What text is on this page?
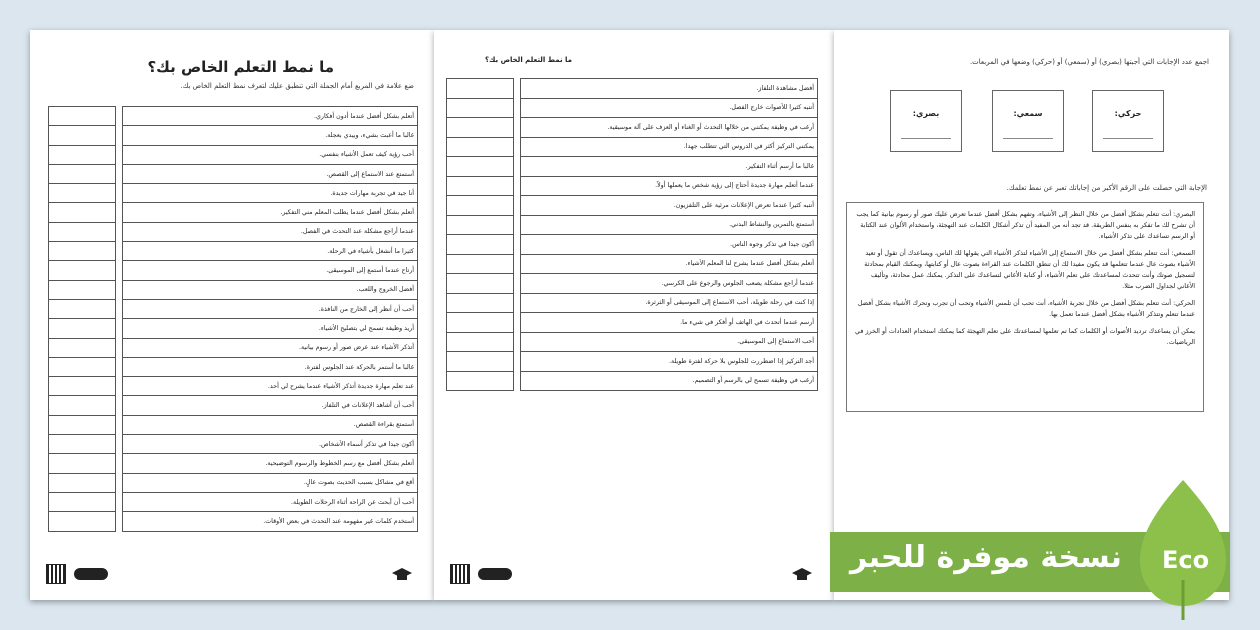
ما نمط التعلم الخاص بك؟
ضع علامة في المربع أمام الجملة التي تنطبق عليك لتعرف نمط التعلم الخاص بك.
		أتعلم بشكل أفضل عندما أدون أفكاري.
		غالبا ما أعبث بشيء، وبيدي بعجلة.
		أحب رؤية كيف تعمل الأشياء بنفسي.
		أستمتع عند الاستماع إلى القصص.
		أنا جيد في تجربة مهارات جديدة.
		أتعلم بشكل أفضل عندما يطلب المعلم مني التفكير.
		عندما أراجع مشكلة عند التحدث في الفصل.
		كثيرا ما أنشغل بأشياء في الرحلة.
		أرتاح عندما أستمع إلى الموسيقى.
		أفضل الخروج واللعب.
		أحب أن أنظر إلى الخارج من النافذة.
		أريد وظيفة تسمح لي بتصليح الأشياء.
		أتذكر الأشياء عند عرض صور أو رسوم بيانية.
		غالبا ما أستمر بالحركة عند الجلوس لفترة.
		عند تعلم مهارة جديدة أتذكر الأشياء عندما يشرح لي أحد.
		أحب أن أشاهد الإعلانات في التلفاز.
		أستمتع بقراءة القصص.
		أكون جيدا في تذكر أسماء الأشخاص.
		أتعلم بشكل أفضل مع رسم الخطوط والرسوم التوضيحية.
		أقع في مشاكل بسبب الحديث بصوت عالٍ.
		أحب أن أبحث عن الراحة أثناء الرحلات الطويلة.
		أستخدم كلمات غير مفهومة عند التحدث في بعض الأوقات.
ما نمط التعلم الخاص بك؟
		أفضل مشاهدة التلفاز.
		أنتبه كثيرا للأصوات خارج الفصل.
		أرغب في وظيفة يمكنني من خلالها التحدث أو الغناء أو العزف على آلة موسيقية.
		يمكنني التركيز أكثر في الدروس التي تتطلب جهدا.
		غالبا ما أرسم أثناء التفكير.
		عندما أتعلم مهارة جديدة أحتاج إلى رؤية شخص ما يعملها أولاً.
		أنتبه كثيرا عندما تعرض الإعلانات مرئية على التلفزيون.
		أستمتع بالتمرين والنشاط البدني.
		أكون جيدا في تذكر وجوه الناس.
		أتعلم بشكل أفضل عندما يشرح لنا المعلم الأشياء.
		عندما أراجع مشكلة يصعب الجلوس والرجوع على الكرسي.
		إذا كنت في رحلة طويلة، أحب الاستماع إلى الموسيقى أو الثرثرة.
		أرسم عندما أتحدث في الهاتف أو أفكر في شيء ما.
		أحب الاستماع إلى الموسيقى.
		أجد التركيز إذا اضطررت للجلوس بلا حركة لفترة طويلة.
		أرغب في وظيفة تسمح لي بالرسم أو التصميم.
اجمع عدد الإجابات التي أجبتها (بصري) أو (سمعي) أو (حركي) وضعها في المربعات.
حركي:
سمعي:
بصري:
الإجابة التي حصلت على الرقم الأكبر من إجاباتك تعبر عن نمط تعلمك.

البصري: أنت تتعلم بشكل أفضل من خلال النظر إلى الأشياء، وتفهم بشكل أفضل عندما تعرض عليك صور أو رسوم بيانية كما يجب أن تشرح لك ما تفكر به بنفس الطريقة. قد تجد أنه من المفيد أن تذكر أشكال الكلمات عند التهجئة، واستخدام الألوان عند الكتابة أو الرسم تساعدك على تذكر الأشياء.

السمعي: أنت تتعلم بشكل أفضل من خلال الاستماع إلى الأشياء لتذكر الأشياء التي يقولها لك الناس، ويساعدك أن تقول أو تعيد الأشياء بصوت عال عندما تتعلمها قد يكون مفيدا لك أن تنطق الكلمات عند القراءة بصوت عال أو كتابتها، ويمكنك القيام بمحادثة لتسجيل صوتك وأنت تتحدث لمساعدتك على تعلم الأشياء، أو كتابة الأغاني لتساعدك على التذكر. يمكنك عمل محادثة، وتأليف الأغاني لجداول الضرب مثلا.

الحركي: أنت تتعلم بشكل أفضل من خلال تجربة الأشياء، أنت تحب أن تلمس الأشياء وتحب أن تجرب وتحرك الأشياء بشكل أفضل عندما تتعلم وتتذكر الأشياء بشكل أفضل عندما تعمل بها.

يمكن أن يساعدك ترديد الأصوات أو الكلمات كما تم تعلمها لمساعدتك على تعلم التهجئة كما يمكنك استخدام العدادات أو الخرز في الرياضيات.

نسخة موفرة للحبر Eco
